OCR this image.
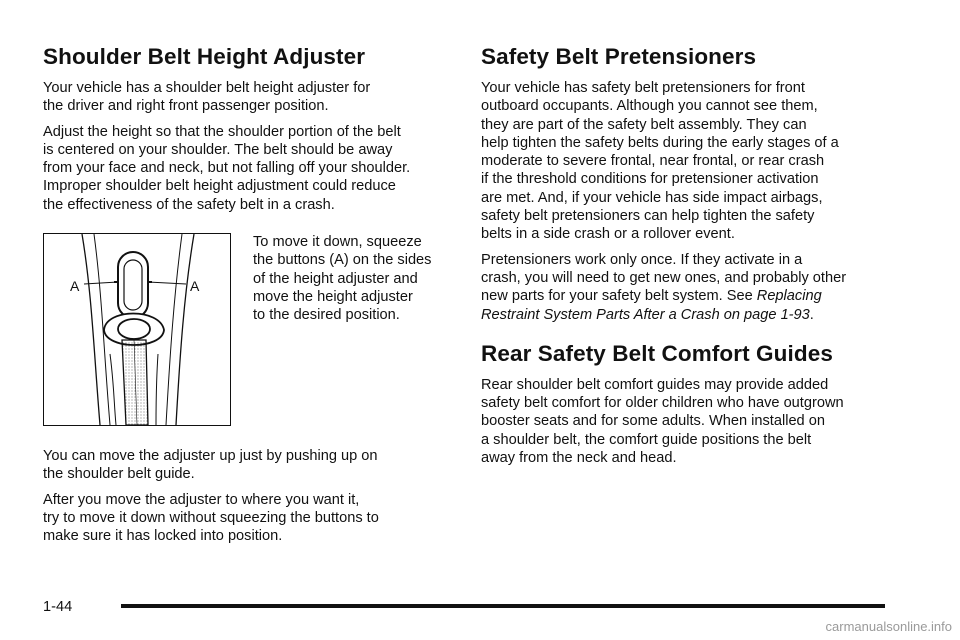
Shoulder Belt Height Adjuster

Your vehicle has a shoulder belt height adjuster for
the driver and right front passenger position.

Adjust the height so that the shoulder portion of the belt
is centered on your shoulder. The belt should be away
from your face and neck, but not falling off your shoulder.
Improper shoulder belt height adjustment could reduce
the effectiveness of the safety belt in a crash.

A	A

To move it down, squeeze
the buttons (A) on the sides
of the height adjuster and
move the height adjuster
to the desired position.

You can move the adjuster up just by pushing up on
the shoulder belt guide.

After you move the adjuster to where you want it,
try to move it down without squeezing the buttons to
make sure it has locked into position.

Safety Belt Pretensioners

Your vehicle has safety belt pretensioners for front
outboard occupants. Although you cannot see them,
they are part of the safety belt assembly. They can
help tighten the safety belts during the early stages of a
moderate to severe frontal, near frontal, or rear crash
if the threshold conditions for pretensioner activation
are met. And, if your vehicle has side impact airbags,
safety belt pretensioners can help tighten the safety
belts in a side crash or a rollover event.

Pretensioners work only once. If they activate in a
crash, you will need to get new ones, and probably other
new parts for your safety belt system. See Replacing
Restraint System Parts After a Crash on page 1-93.

Rear Safety Belt Comfort Guides

Rear shoulder belt comfort guides may provide added
safety belt comfort for older children who have outgrown
booster seats and for some adults. When installed on
a shoulder belt, the comfort guide positions the belt
away from the neck and head.

1-44
carmanualsonline.info
